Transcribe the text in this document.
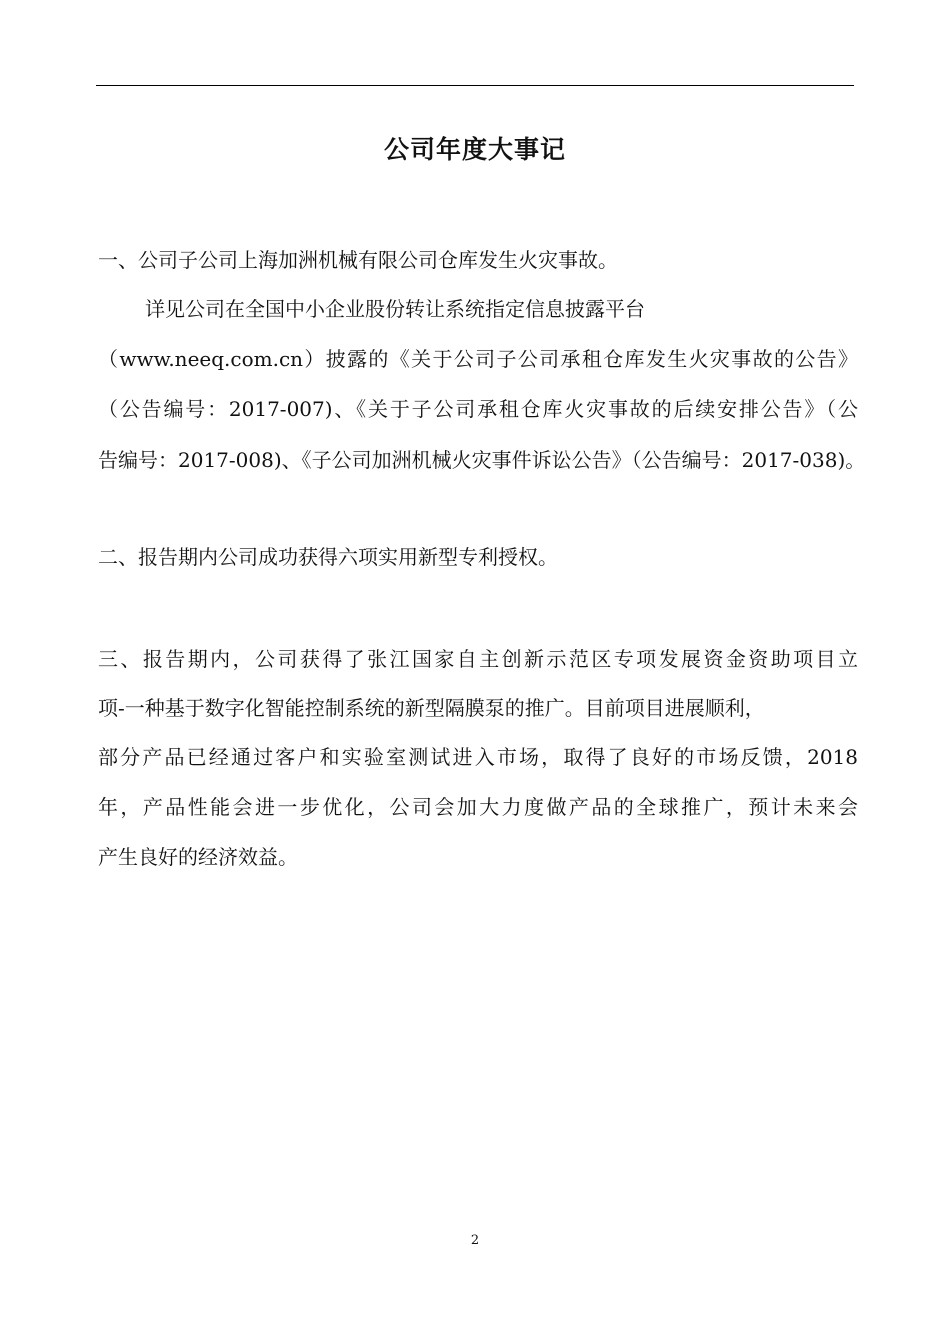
公司年度大事记

一、公司子公司上海加洲机械有限公司仓库发生火灾事故。

详见公司在全国中小企业股份转让系统指定信息披露平台

（www.neeq.com.cn）披露的《关于公司子公司承租仓库发生火灾事故的公告》

（公告编号：2017-007)、《关于子公司承租仓库火灾事故的后续安排公告》（公

告编号：2017-008)、《子公司加洲机械火灾事件诉讼公告》（公告编号：2017-038)。

二、报告期内公司成功获得六项实用新型专利授权。

三、报告期内，公司获得了张江国家自主创新示范区专项发展资金资助项目立

项-一种基于数字化智能控制系统的新型隔膜泵的推广。目前项目进展顺利，

部分产品已经通过客户和实验室测试进入市场，取得了良好的市场反馈，2018

年，产品性能会进一步优化，公司会加大力度做产品的全球推广，预计未来会

产生良好的经济效益。

2
